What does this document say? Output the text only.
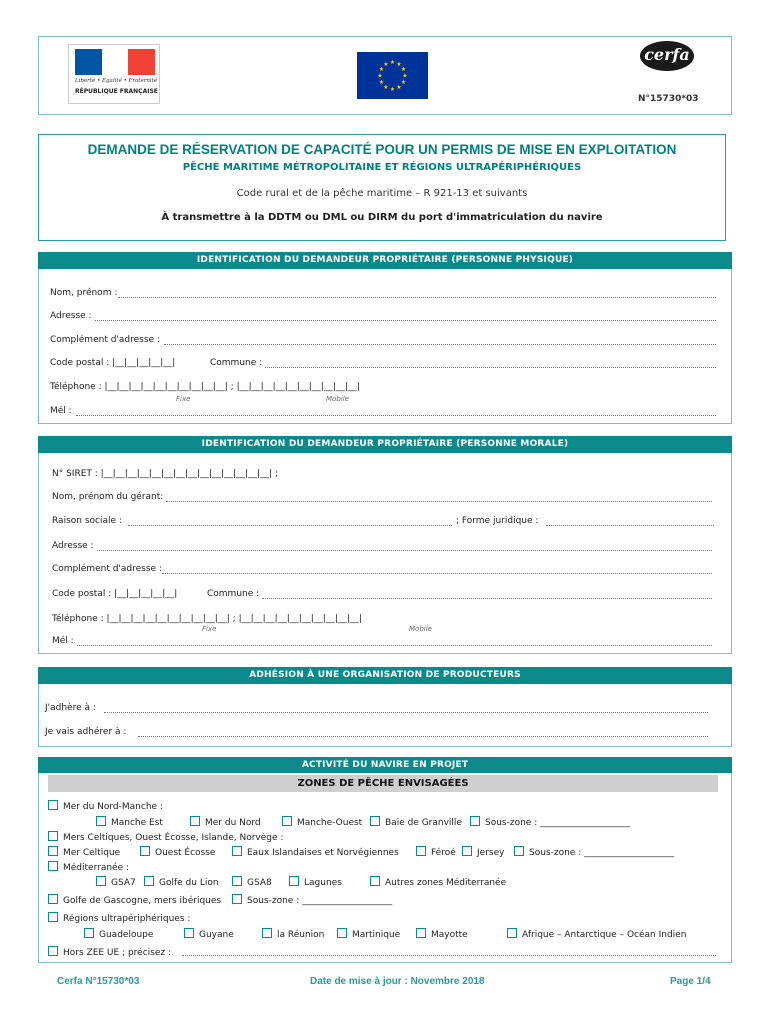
Liberté • Égalité • Fraternité
RÉPUBLIQUE FRANÇAISE
★ ★
★
★
★
★
★
★
★
★
★
★
cerfa
N°15730*03
DEMANDE DE RÉSERVATION DE CAPACITÉ POUR UN PERMIS DE MISE EN EXPLOITATION
PÊCHE MARITIME MÉTROPOLITAINE ET RÉGIONS ULTRAPÉRIPHÉRIQUES
Code rural et de la pêche maritime – R 921-13 et suivants
À transmettre à la DDTM ou DML ou DIRM du port d'immatriculation du navire
IDENTIFICATION DU DEMANDEUR PROPRIÉTAIRE (PERSONNE PHYSIQUE)
Nom, prénom :
Adresse :
Complément d'adresse :
Code postal : |__|__|__|__|__|	Commune :
Téléphone : |__|__|__|__|__|__|__|__|__|__| ; |__|__|__|__|__|__|__|__|__|__|
Fixe	Mobile
Mél :
IDENTIFICATION DU DEMANDEUR PROPRIÉTAIRE (PERSONNE MORALE)
N° SIRET : |__|__|__|__|__|__|__|__|__|__|__|__|__|__| ;
Nom, prénom du gérant:
Raison sociale :	; Forme juridique :
Adresse :
Complément d'adresse :
Code postal : |__|__|__|__|__|	Commune :
Téléphone : |__|__|__|__|__|__|__|__|__|__| ; |__|__|__|__|__|__|__|__|__|__|
Fixe	Mobile
Mél :
ADHÉSION À UNE ORGANISATION DE PRODUCTEURS
J'adhère à :
Je vais adhérer à :
ACTIVITÉ DU NAVIRE EN PROJET
ZONES DE PÊCHE ENVISAGÉES
Mer du Nord-Manche :
Manche Est	Mer du Nord	Manche-Ouest	Baie de Granville	Sous-zone : ____________________
Mers Celtiques, Ouest Écosse, Islande, Norvège :
Mer Celtique	Ouest Écosse	Eaux Islandaises et Norvégiennes	Féroé	Jersey	Sous-zone : ____________________
Méditerranée :
GSA7	Golfe du Lion	GSA8	Lagunes	Autres zones Méditerranée
Golfe de Gascogne, mers ibériques	Sous-zone : ____________________
Régions ultrapériphériques :
Guadeloupe	Guyane	la Réunion	Martinique	Mayotte	Afrique – Antarctique – Océan Indien
Hors ZEE UE ; précisez :
Cerfa N°15730*03	Date de mise à jour : Novembre 2018	Page 1/4
